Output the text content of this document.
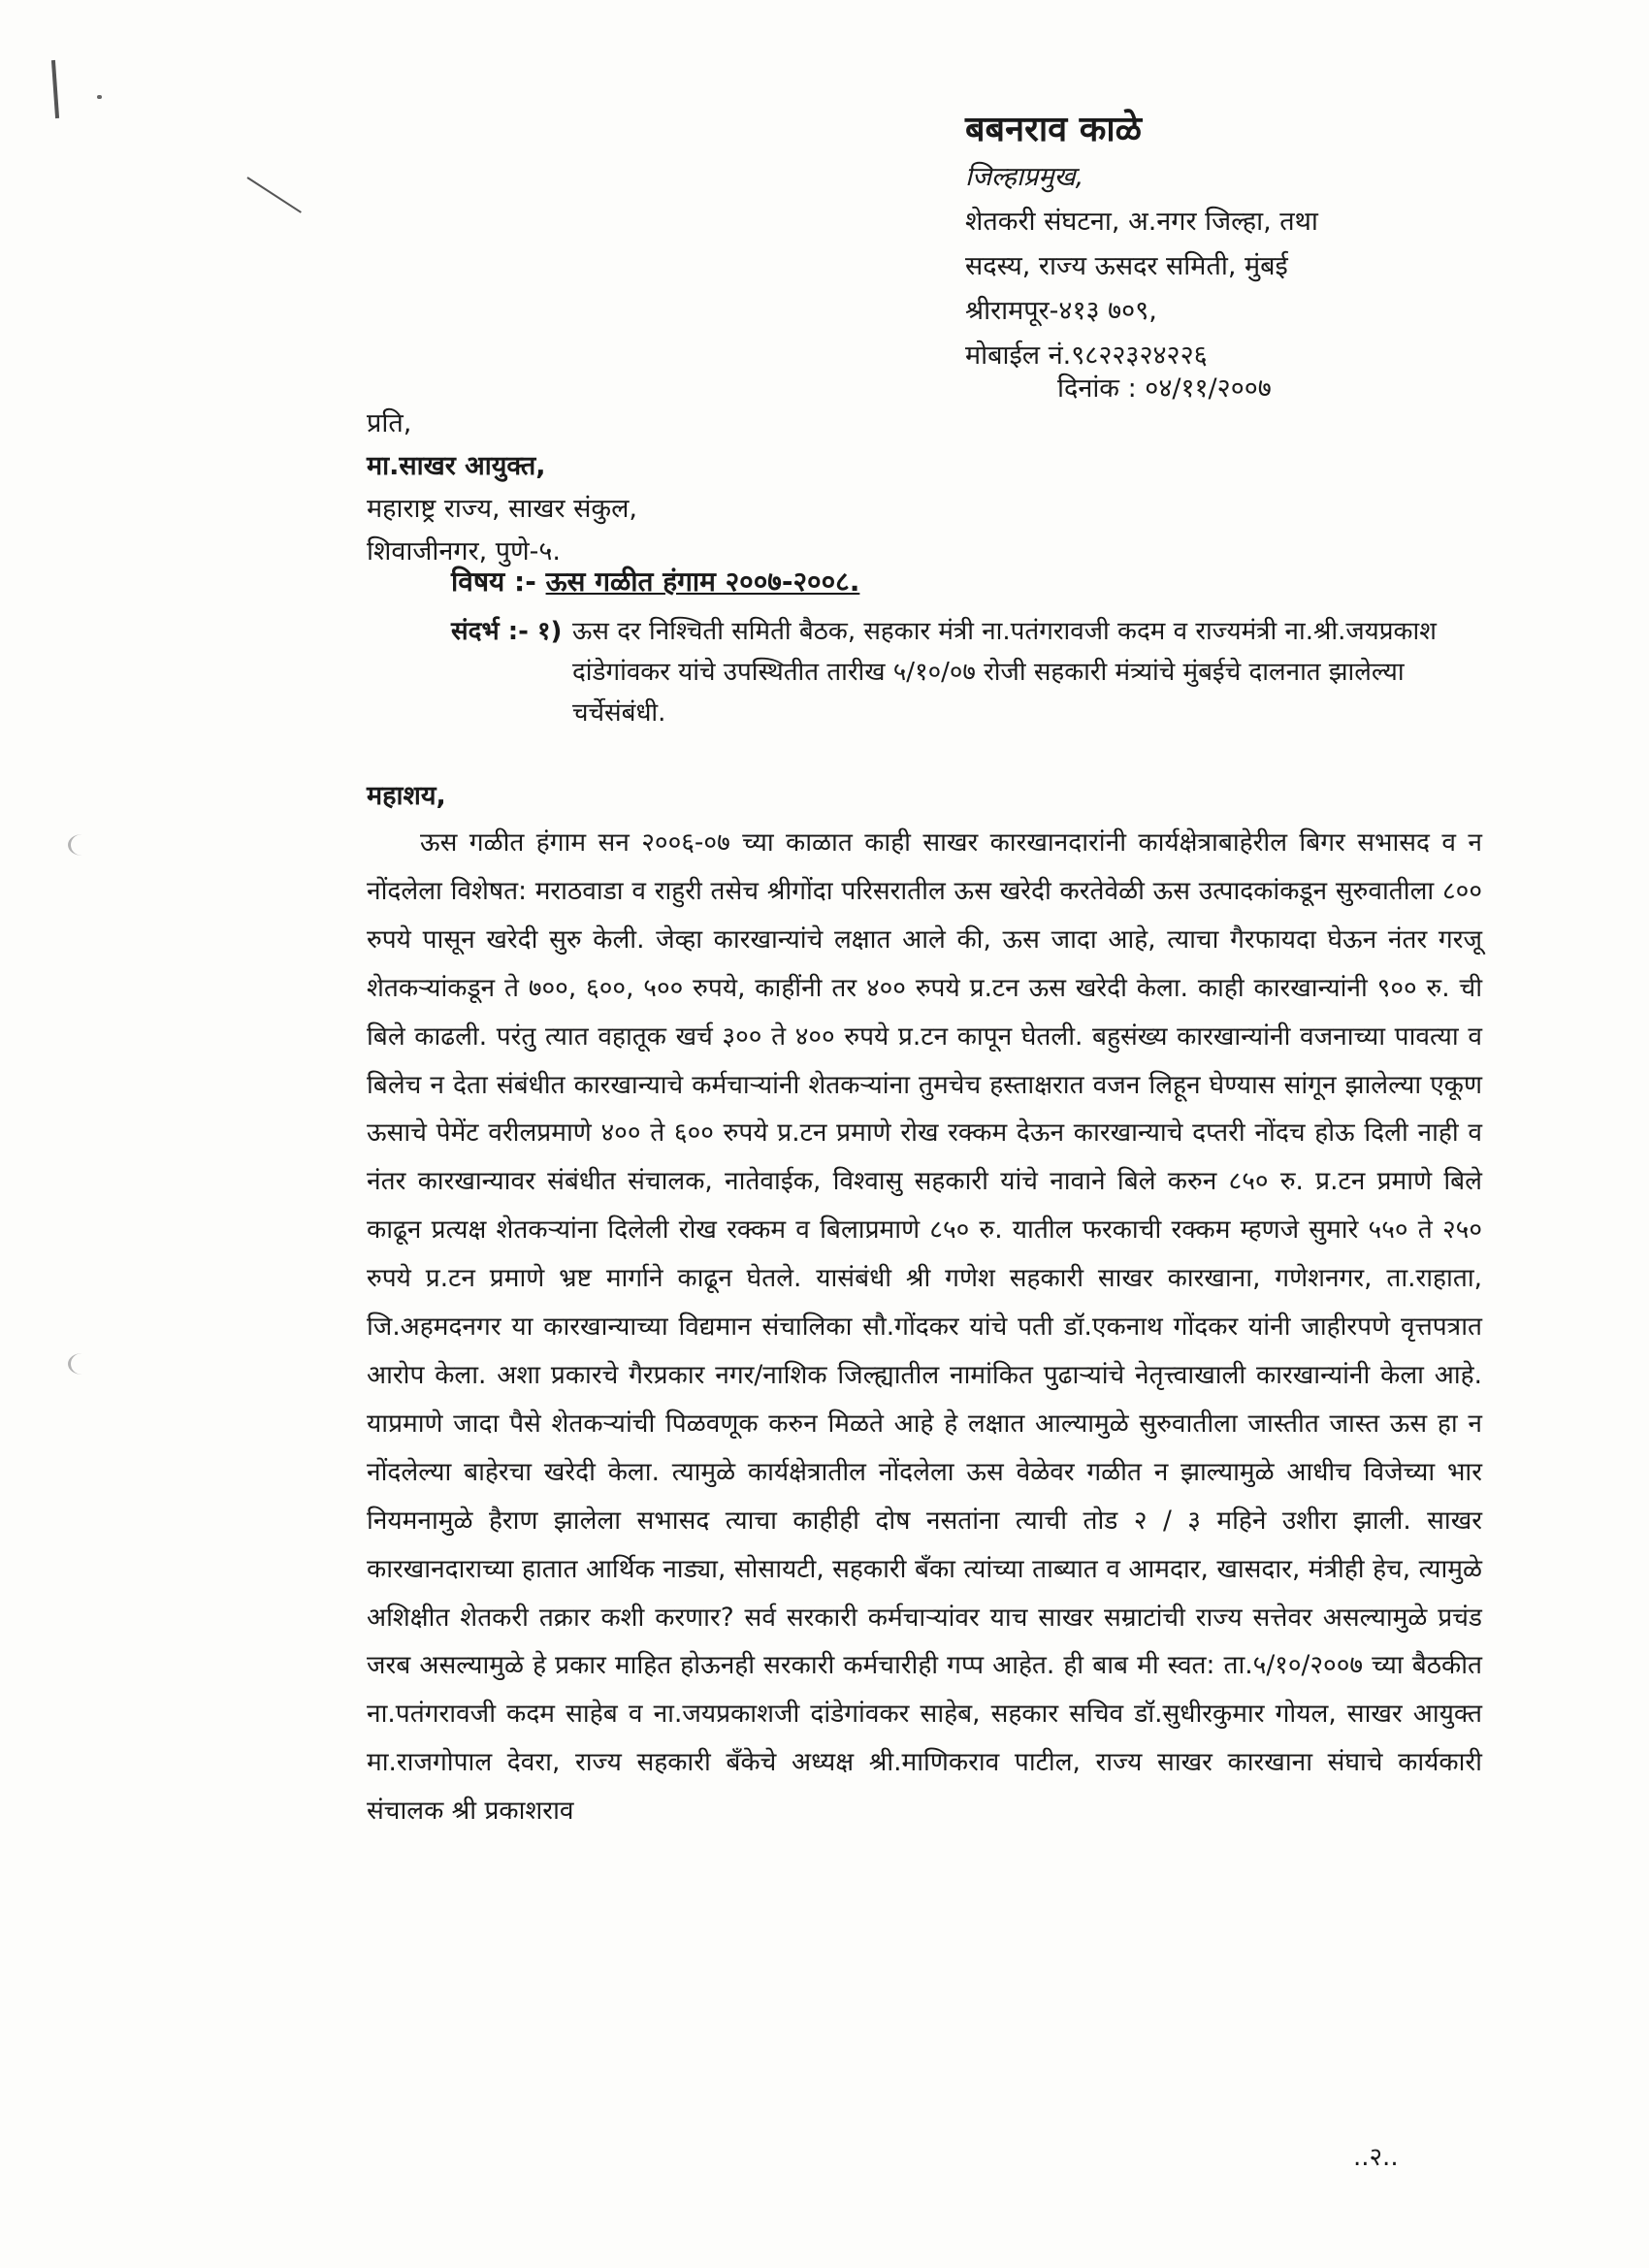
बबनराव काळे
जिल्हाप्रमुख,
शेतकरी संघटना, अ.नगर जिल्हा, तथा
सदस्य, राज्य ऊसदर समिती, मुंबई
श्रीरामपूर-४१३ ७०९,
मोबाईल नं.९८२२३२४२२६
दिनांक : ०४/११/२००७
प्रति,
मा.साखर आयुक्त,
महाराष्ट्र राज्य, साखर संकुल,
शिवाजीनगर, पुणे-५.
विषय :- ऊस गळीत हंगाम २००७-२००८.
संदर्भ :- १) ऊस दर निश्चिती समिती बैठक, सहकार मंत्री ना.पतंगरावजी कदम व राज्यमंत्री ना.श्री.जयप्रकाश दांडेगांवकर यांचे उपस्थितीत तारीख ५/१०/०७ रोजी सहकारी मंत्र्यांचे मुंबईचे दालनात झालेल्या चर्चेसंबंधी.
महाशय,
ऊस गळीत हंगाम सन २००६-०७ च्या काळात काही साखर कारखानदारांनी कार्यक्षेत्राबाहेरील बिगर सभासद व न नोंदलेला विशेषत: मराठवाडा व राहुरी तसेच श्रीगोंदा परिसरातील ऊस खरेदी करतेवेळी ऊस उत्पादकांकडून सुरुवातीला ८०० रुपये पासून खरेदी सुरु केली. जेव्हा कारखान्यांचे लक्षात आले की, ऊस जादा आहे, त्याचा गैरफायदा घेऊन नंतर गरजू शेतकऱ्यांकडून ते ७००, ६००, ५०० रुपये, काहींनी तर ४०० रुपये प्र.टन ऊस खरेदी केला. काही कारखान्यांनी ९०० रु. ची बिले काढली. परंतु त्यात वहातूक खर्च ३०० ते ४०० रुपये प्र.टन कापून घेतली. बहुसंख्य कारखान्यांनी वजनाच्या पावत्या व बिलेच न देता संबंधीत कारखान्याचे कर्मचाऱ्यांनी शेतकऱ्यांना तुमचेच हस्ताक्षरात वजन लिहून घेण्यास सांगून झालेल्या एकूण ऊसाचे पेमेंट वरीलप्रमाणे ४०० ते ६०० रुपये प्र.टन प्रमाणे रोख रक्कम देऊन कारखान्याचे दप्तरी नोंदच होऊ दिली नाही व नंतर कारखान्यावर संबंधीत संचालक, नातेवाईक, विश्वासु सहकारी यांचे नावाने बिले करुन ८५० रु. प्र.टन प्रमाणे बिले काढून प्रत्यक्ष शेतकऱ्यांना दिलेली रोख रक्कम व बिलाप्रमाणे ८५० रु. यातील फरकाची रक्कम म्हणजे सुमारे ५५० ते २५० रुपये प्र.टन प्रमाणे भ्रष्ट मार्गाने काढून घेतले. यासंबंधी श्री गणेश सहकारी साखर कारखाना, गणेशनगर, ता.राहाता, जि.अहमदनगर या कारखान्याच्या विद्यमान संचालिका सौ.गोंदकर यांचे पती डॉ.एकनाथ गोंदकर यांनी जाहीरपणे वृत्तपत्रात आरोप केला. अशा प्रकारचे गैरप्रकार नगर/नाशिक जिल्ह्यातील नामांकित पुढाऱ्यांचे नेतृत्त्वाखाली कारखान्यांनी केला आहे. याप्रमाणे जादा पैसे शेतकऱ्यांची पिळवणूक करुन मिळते आहे हे लक्षात आल्यामुळे सुरुवातीला जास्तीत जास्त ऊस हा न नोंदलेल्या बाहेरचा खरेदी केला. त्यामुळे कार्यक्षेत्रातील नोंदलेला ऊस वेळेवर गळीत न झाल्यामुळे आधीच विजेच्या भार नियमनामुळे हैराण झालेला सभासद त्याचा काहीही दोष नसतांना त्याची तोड २ / ३ महिने उशीरा झाली. साखर कारखानदाराच्या हातात आर्थिक नाड्या, सोसायटी, सहकारी बँका त्यांच्या ताब्यात व आमदार, खासदार, मंत्रीही हेच, त्यामुळे अशिक्षीत शेतकरी तक्रार कशी करणार? सर्व सरकारी कर्मचाऱ्यांवर याच साखर सम्राटांची राज्य सत्तेवर असल्यामुळे प्रचंड जरब असल्यामुळे हे प्रकार माहित होऊनही सरकारी कर्मचारीही गप्प आहेत. ही बाब मी स्वत: ता.५/१०/२००७ च्या बैठकीत ना.पतंगरावजी कदम साहेब व ना.जयप्रकाशजी दांडेगांवकर साहेब, सहकार सचिव डॉ.सुधीरकुमार गोयल, साखर आयुक्त मा.राजगोपाल देवरा, राज्य सहकारी बँकेचे अध्यक्ष श्री.माणिकराव पाटील, राज्य साखर कारखाना संघाचे कार्यकारी संचालक श्री प्रकाशराव
..२..
